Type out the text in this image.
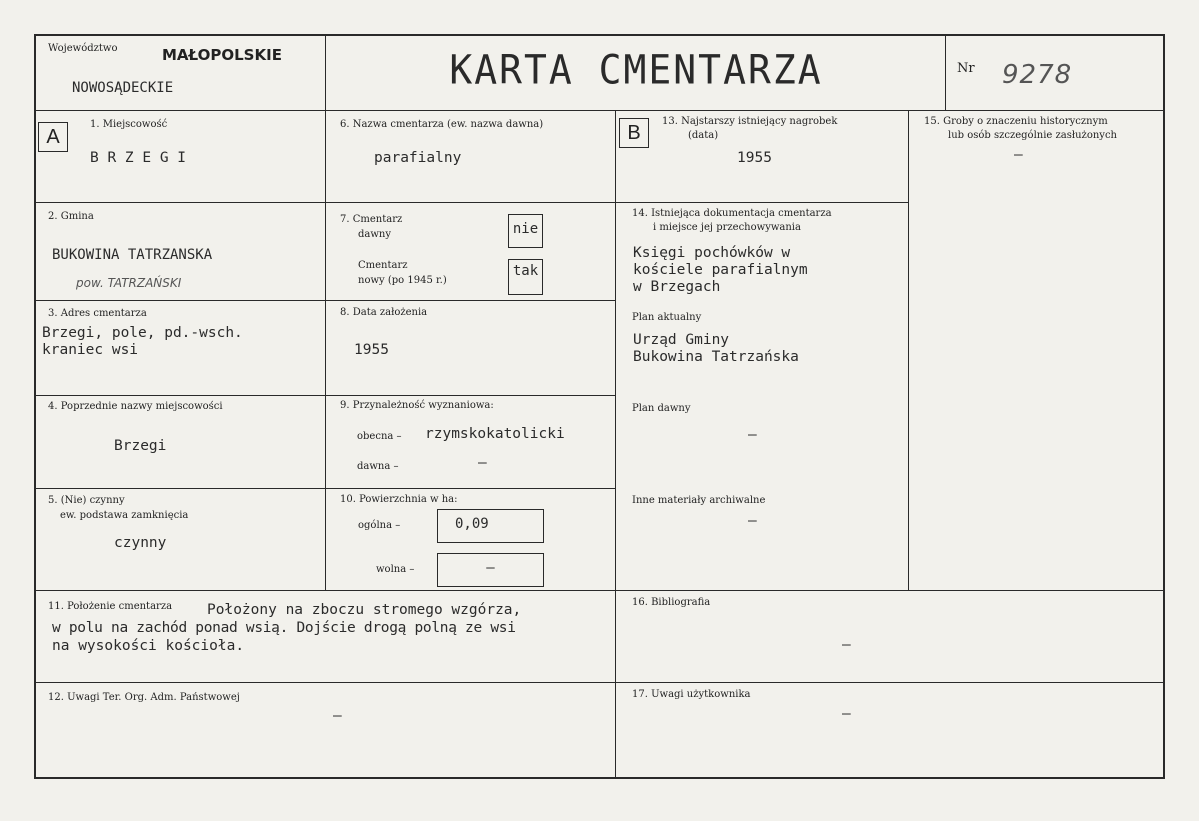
Województwo	MAŁOPOLSKIE
NOWOSĄDECKIE	KARTA CMENTARZA	Nr 9278
A	B
1. Miejscowość
B R Z E G I
2. Gmina
BUKOWINA TATRZANSKA
pow. TATRZAŃSKI
3. Adres cmentarza
Brzegi, pole, pd.-wsch.
kraniec wsi
4. Poprzednie nazwy miejscowości
Brzegi
5. (Nie) czynny
ew. podstawa zamknięcia
czynny
6. Nazwa cmentarza (ew. nazwa dawna)
parafialny
7. Cmentarz
dawny	nie
Cmentarz
nowy (po 1945 r.)
tak
8. Data założenia
1955
9. Przynależność wyznaniowa:
obecna – rzymskokatolicki
dawna –	–
10. Powierzchnia w ha:
ogólna –	0,09
wolna –	–
11. Położenie cmentarza Położony na zboczu stromego wzgórza,
w polu na zachód ponad wsią. Dojście drogą polną ze wsi
na wysokości kościoła.
12. Uwagi Ter. Org. Adm. Państwowej
–
13. Najstarszy istniejący nagrobek
(data)
1955
14. Istniejąca dokumentacja cmentarza
i miejsce jej przechowywania
Księgi pochówków w
kościele parafialnym
w Brzegach
Plan aktualny
Urząd Gminy
Bukowina Tatrzańska
Plan dawny
–
Inne materiały archiwalne
–
15. Groby o znaczeniu historycznym
lub osób szczególnie zasłużonych
–
16. Bibliografia
–
17. Uwagi użytkownika
–
